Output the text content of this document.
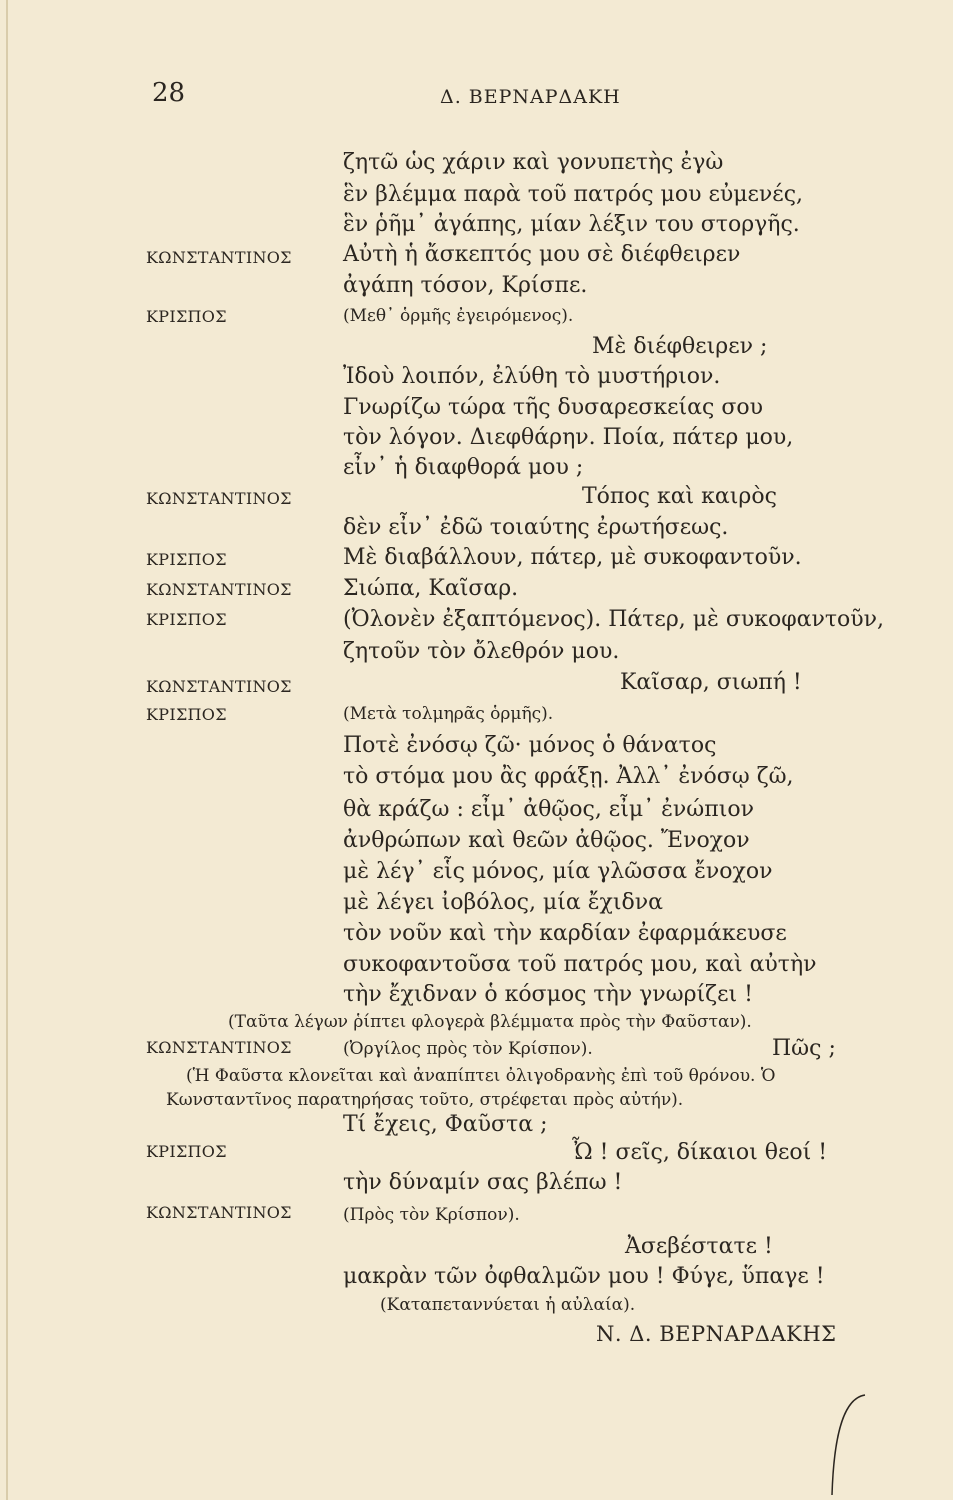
28	Δ. ΒΕΡΝΑΡΔΑΚΗ
ΚΩΝΣΤΑΝΤΙΝΟΣ
ΚΡΙΣΠΟΣ
ΚΩΝΣΤΑΝΤΙΝΟΣ
ΚΡΙΣΠΟΣ
ΚΩΝΣΤΑΝΤΙΝΟΣ
ΚΡΙΣΠΟΣ
ΚΩΝΣΤΑΝΤΙΝΟΣ
ΚΡΙΣΠΟΣ
ΚΩΝΣΤΑΝΤΙΝΟΣ
ΚΡΙΣΠΟΣ
ΚΩΝΣΤΑΝΤΙΝΟΣ
ζητῶ ὡς χάριν καὶ γονυπετὴς ἐγὼ
ἓν βλέμμα παρὰ τοῦ πατρός μου εὐμενές,
ἓν ῥῆμ᾽ ἀγάπης, μίαν λέξιν του στοργῆς.
Αὐτὴ ἡ ἄσκεπτός μου σὲ διέφθειρεν
ἀγάπη τόσον, Κρίσπε.
(Μεθ᾽ ὁρμῆς ἐγειρόμενος).
Μὲ διέφθειρεν ;
Ἰδοὺ λοιπόν, ἐλύθη τὸ μυστήριον.
Γνωρίζω τώρα τῆς δυσαρεσκείας σου
τὸν λόγον. Διεφθάρην. Ποία, πάτερ μου,
εἶν᾽ ἡ διαφθορά μου ;
Τόπος καὶ καιρὸς
δὲν εἶν᾽ ἐδῶ τοιαύτης ἐρωτήσεως.
Μὲ διαβάλλουν, πάτερ, μὲ συκοφαντοῦν.
Σιώπα, Καῖσαρ.
(Ὀλονὲν ἐξαπτόμενος). Πάτερ, μὲ συκοφαντοῦν,
ζητοῦν τὸν ὄλεθρόν μου.
Καῖσαρ, σιωπή !
(Μετὰ τολμηρᾶς ὁρμῆς).
Ποτὲ ἐνόσῳ ζῶ· μόνος ὁ θάνατος
τὸ στόμα μου ἂς φράξῃ. Ἀλλ᾽ ἐνόσῳ ζῶ,
θὰ κράζω : εἶμ᾽ ἀθῷος, εἶμ᾽ ἐνώπιον
ἀνθρώπων καὶ θεῶν ἀθῷος. Ἔνοχον
μὲ λέγ᾽ εἷς μόνος, μία γλῶσσα ἔνοχον
μὲ λέγει ἰοβόλος, μία ἔχιδνα
τὸν νοῦν καὶ τὴν καρδίαν ἐφαρμάκευσε
συκοφαντοῦσα τοῦ πατρός μου, καὶ αὐτὴν
τὴν ἔχιδναν ὁ κόσμος τὴν γνωρίζει !
(Ταῦτα λέγων ῥίπτει φλογερὰ βλέμματα πρὸς τὴν Φαῦσταν).
(Ὀργίλος πρὸς τὸν Κρίσπον).	Πῶς ;
(Ἡ Φαῦστα κλονεῖται καὶ ἀναπίπτει ὀλιγοδρανὴς ἐπὶ τοῦ θρόνου. Ὁ
Κωνσταντῖνος παρατηρήσας τοῦτο, στρέφεται πρὸς αὐτήν).
Τί ἔχεις, Φαῦστα ;
Ὦ ! σεῖς, δίκαιοι θεοί !
τὴν δύναμίν σας βλέπω !
(Πρὸς τὸν Κρίσπον).
Ἀσεβέστατε !
μακρὰν τῶν ὀφθαλμῶν μου ! Φύγε, ὕπαγε !
(Καταπεταννύεται ἡ αὐλαία).
Ν. Δ. ΒΕΡΝΑΡΔΑΚΗΣ
